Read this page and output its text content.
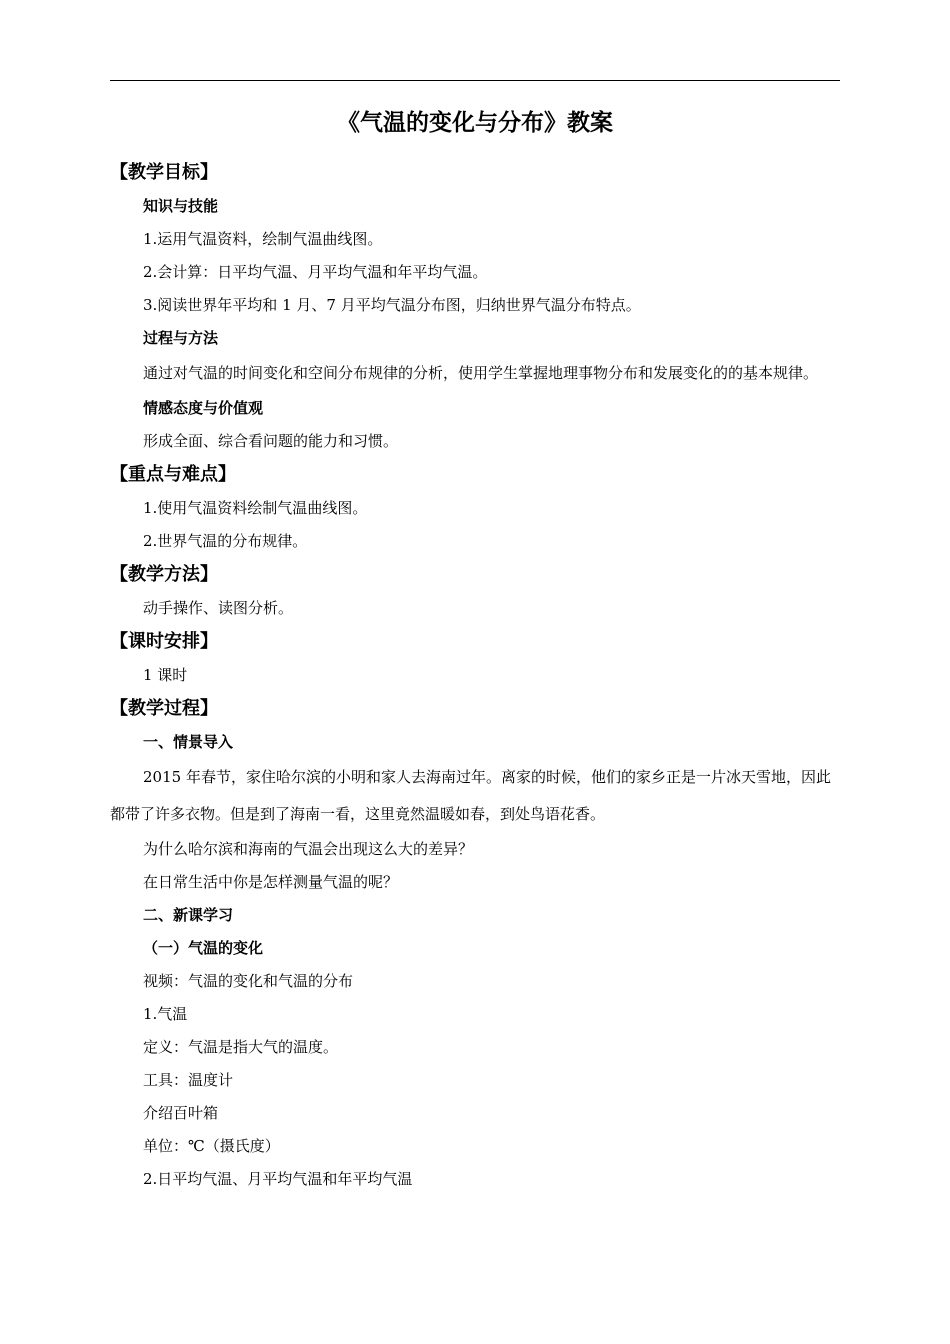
《气温的变化与分布》教案
【教学目标】
知识与技能
1.运用气温资料，绘制气温曲线图。
2.会计算：日平均气温、月平均气温和年平均气温。
3.阅读世界年平均和 1 月、7 月平均气温分布图，归纳世界气温分布特点。
过程与方法
通过对气温的时间变化和空间分布规律的分析，使用学生掌握地理事物分布和发展变化的的基本规律。
情感态度与价值观
形成全面、综合看问题的能力和习惯。
【重点与难点】
1.使用气温资料绘制气温曲线图。
2.世界气温的分布规律。
【教学方法】
动手操作、读图分析。
【课时安排】
1 课时
【教学过程】
一、情景导入
2015 年春节，家住哈尔滨的小明和家人去海南过年。离家的时候，他们的家乡正是一片冰天雪地，因此都带了许多衣物。但是到了海南一看，这里竟然温暖如春，到处鸟语花香。
为什么哈尔滨和海南的气温会出现这么大的差异？
在日常生活中你是怎样测量气温的呢？
二、新课学习
（一）气温的变化
视频：气温的变化和气温的分布
1.气温
定义：气温是指大气的温度。
工具：温度计
介绍百叶箱
单位：℃（摄氏度）
2.日平均气温、月平均气温和年平均气温
